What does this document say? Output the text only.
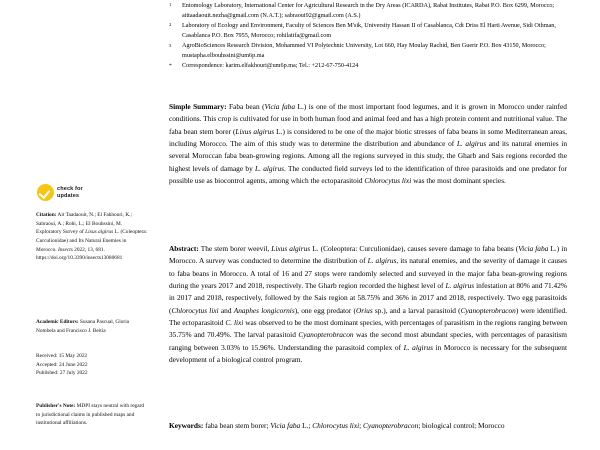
check for
updates
Citation: Ait Taadaouit, N.; El Fakhouri, K.; Sabraoui, A.; Rohi, L.; El Bouhssini, M. Exploratory Survey of Lixus algirus L. (Coleoptera: Curculionidae) and Its Natural Enemies in Morocco. Insects 2022, 13, 681. https://doi.org/10.3390/insects13080681
Academic Editors: Susana Pascual, Gloria Nombela and Francisco J. Beitia
Received: 15 May 2022
Accepted: 24 June 2022
Published: 27 July 2022
Publisher's Note: MDPI stays neutral with regard to jurisdictional claims in published maps and institutional affiliations.
1	Entomology Laboratory, International Center for Agricultural Research in the Dry Areas (ICARDA), Rabat Institutes, Rabat P.O. Box 6299, Morocco; aittaadaouit.nezha@gmail.com (N.A.T.); sabraoui92@gmail.com (A.S.)
2	Laboratory of Ecology and Environment, Faculty of Sciences Ben M'sik, University Hassan II of Casablanca, Cdt Driss El Harti Avenue, Sidi Othman, Casablanca P.O. Box 7955, Morocco; rohilatifa@gmail.com
3	AgroBioSciences Research Division, Mohammed VI Polytechnic University, Lot 660, Hay Moulay Rachid, Ben Guerir P.O. Box 43150, Morocco; mustapha.elbouhssini@um6p.ma
*	Correspondence: karim.elfakhouri@um6p.ma; Tel.: +212-67-750-4124
Simple Summary: Faba bean (Vicia faba L.) is one of the most important food legumes, and it is grown in Morocco under rainfed conditions. This crop is cultivated for use in both human food and animal feed and has a high protein content and nutritional value. The faba bean stem borer (Lixus algirus L.) is considered to be one of the major biotic stresses of faba beans in some Mediterranean areas, including Morocco. The aim of this study was to determine the distribution and abundance of L. algirus and its natural enemies in several Moroccan faba bean-growing regions. Among all the regions surveyed in this study, the Gharb and Sais regions recorded the highest levels of damage by L. algirus. The conducted field surveys led to the identification of three parasitoids and one predator for possible use as biocontrol agents, among which the ectoparasitoid Chlorocytus lixi was the most dominant species.
Abstract: The stem borer weevil, Lixus algirus L. (Coleoptera: Curculionidae), causes severe damage to faba beans (Vicia faba L.) in Morocco. A survey was conducted to determine the distribution of L. algirus, its natural enemies, and the severity of damage it causes to faba beans in Morocco. A total of 16 and 27 stops were randomly selected and surveyed in the major faba bean-growing regions during the years 2017 and 2018, respectively. The Gharb region recorded the highest level of L. algirus infestation at 80% and 71.42% in 2017 and 2018, respectively, followed by the Sais region at 58.75% and 36% in 2017 and 2018, respectively. Two egg parasitoids (Chlorocytus lixi and Anaphes longicornis), one egg predator (Orius sp.), and a larval parasitoid (Cyanopterobracon) were identified. The ectoparasitoid C. lixi was observed to be the most dominant species, with percentages of parasitism in the regions ranging between 35.75% and 70.49%. The larval parasitoid Cyanopterobracon was the second most abundant species, with percentages of parasitism ranging between 3.03% to 15.96%. Understanding the parasitoid complex of L. algirus in Morocco is necessary for the subsequent development of a biological control program.
Keywords: faba bean stem borer; Vicia faba L.; Chlorocytus lixi; Cyanopterobracon; biological control; Morocco
